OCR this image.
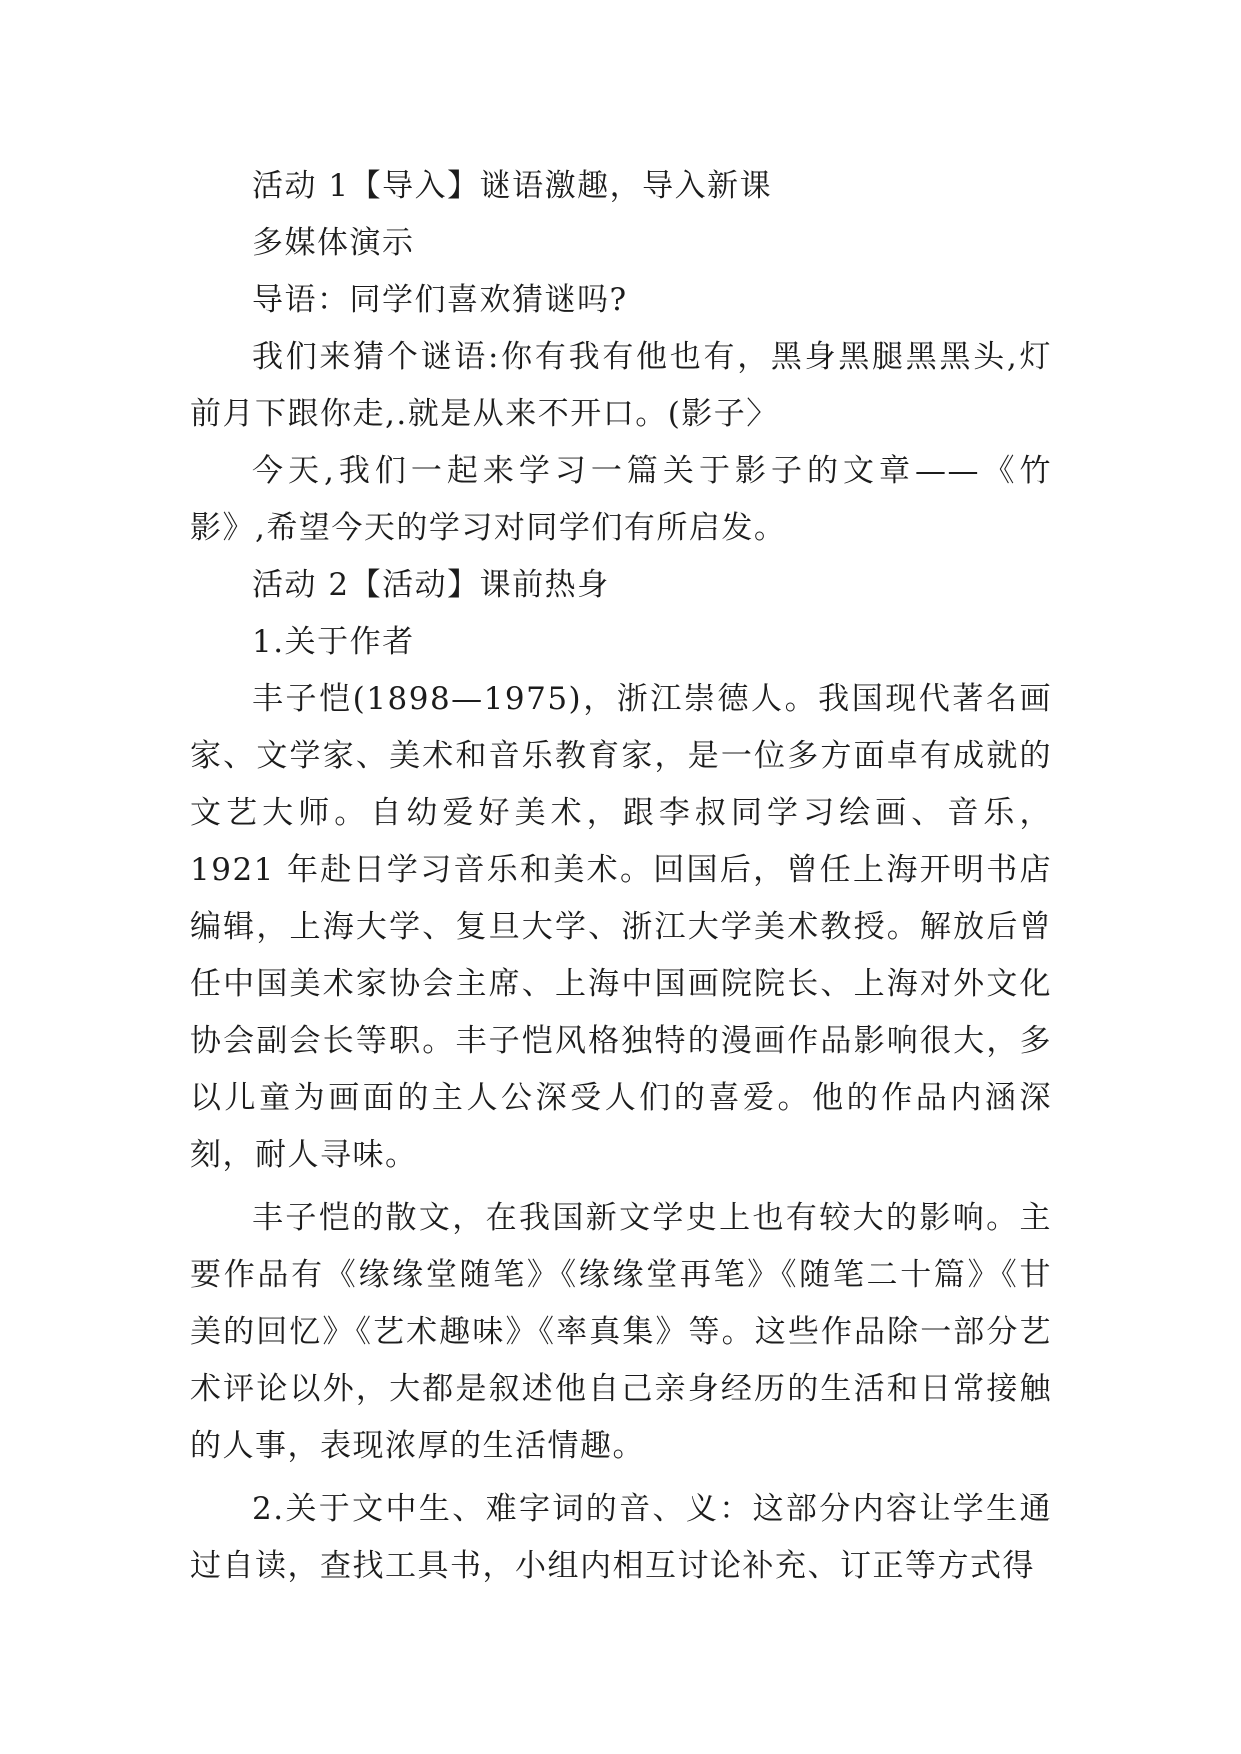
活动 1【导入】谜语激趣，导入新课

多媒体演示

导语：同学们喜欢猜谜吗?

我们来猜个谜语:你有我有他也有，黑身黑腿黑黑头,灯前月下跟你走,.就是从来不开口。(影子〉

今天,我们一起来学习一篇关于影子的文章——《竹影》,希望今天的学习对同学们有所启发。

活动 2【活动】课前热身

1.关于作者

丰子恺(1898—1975)，浙江崇德人。我国现代著名画家、文学家、美术和音乐教育家，是一位多方面卓有成就的文艺大师。自幼爱好美术，跟李叔同学习绘画、音乐，1921 年赴日学习音乐和美术。回国后，曾任上海开明书店编辑，上海大学、复旦大学、浙江大学美术教授。解放后曾任中国美术家协会主席、上海中国画院院长、上海对外文化协会副会长等职。丰子恺风格独特的漫画作品影响很大，多以儿童为画面的主人公深受人们的喜爱。他的作品内涵深刻，耐人寻味。

丰子恺的散文，在我国新文学史上也有较大的影响。主要作品有《缘缘堂随笔》《缘缘堂再笔》《随笔二十篇》《甘美的回忆》《艺术趣味》《率真集》等。这些作品除一部分艺术评论以外，大都是叙述他自己亲身经历的生活和日常接触的人事，表现浓厚的生活情趣。

2.关于文中生、难字词的音、义：这部分内容让学生通过自读，查找工具书，小组内相互讨论补充、订正等方式得
